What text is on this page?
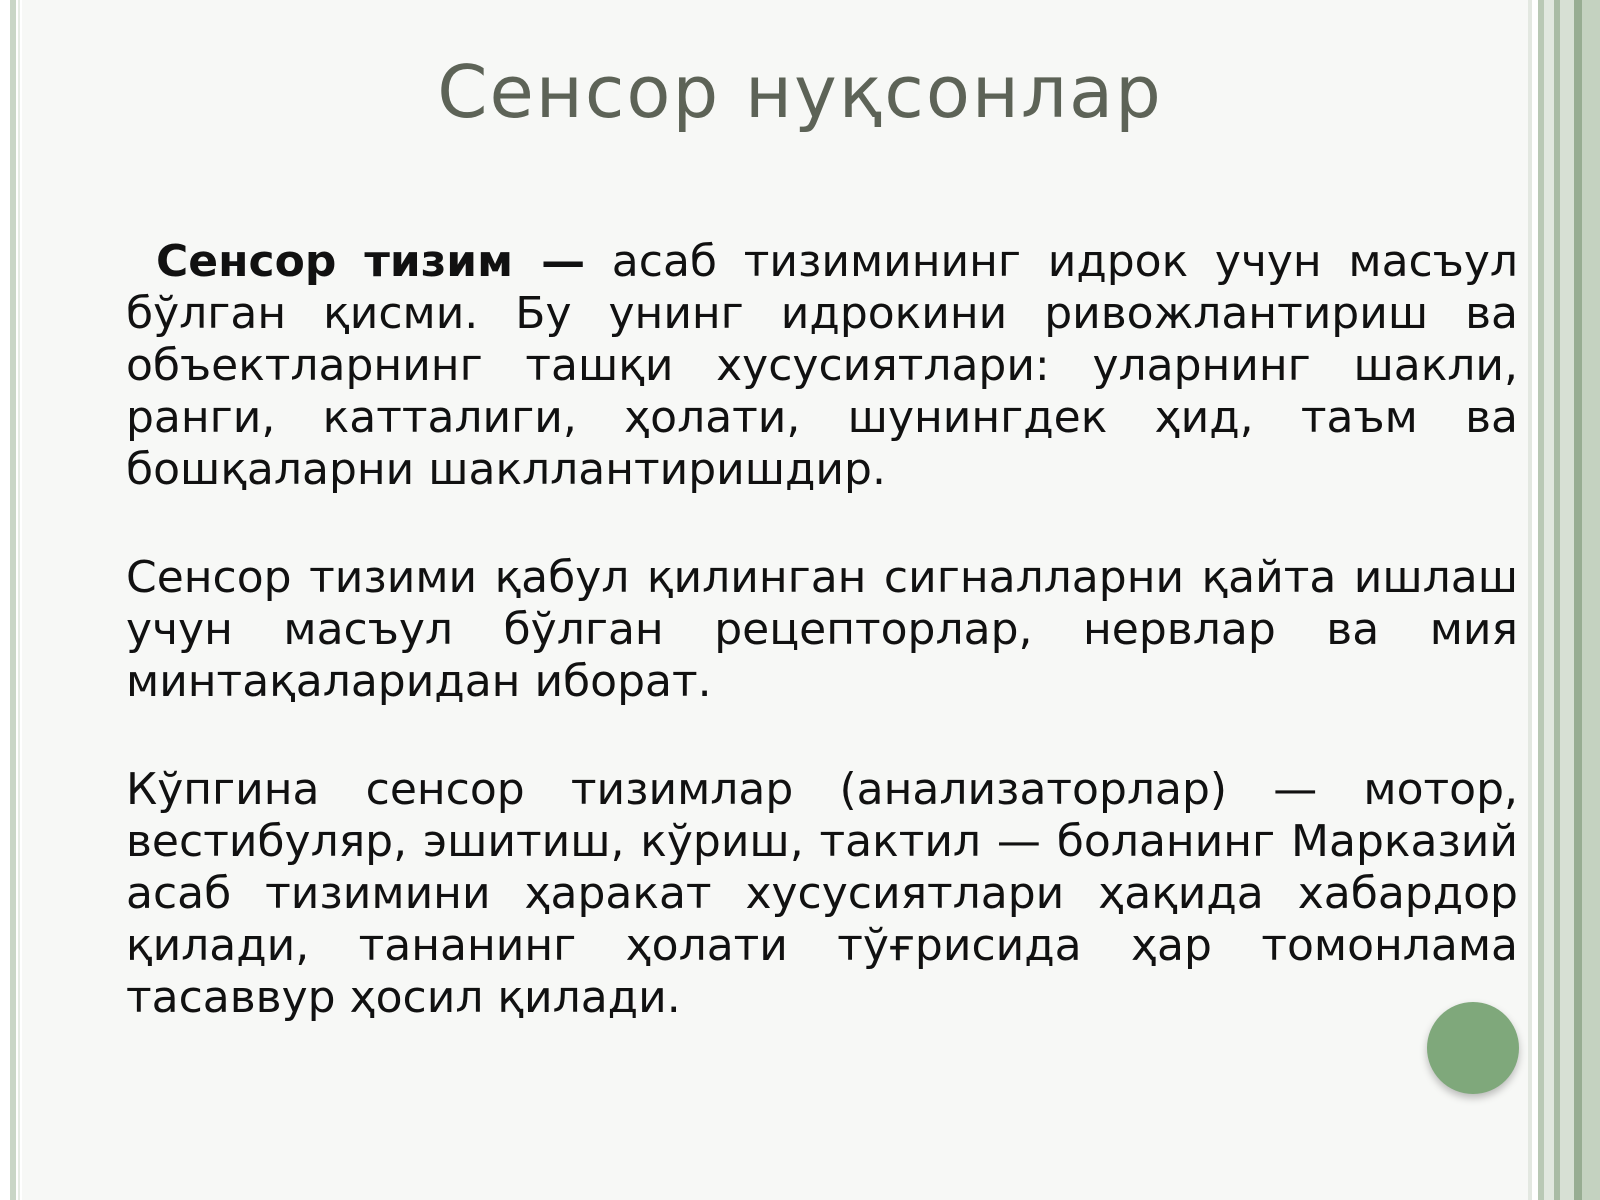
Сенсор нуқсонлар

Сенсор тизим — асаб тизимининг идрок учун масъул бўлган қисми. Бу унинг идрокини ривожлантириш ва объектларнинг ташқи хусусиятлари: уларнинг шакли, ранги, катталиги, ҳолати, шунингдек ҳид, таъм ва бошқаларни шакллантиришдир.

Сенсор тизими қабул қилинган сигналларни қайта ишлаш учун масъул бўлган рецепторлар, нервлар ва мия минтақаларидан иборат.

Кўпгина сенсор тизимлар (анализаторлар) — мотор, вестибуляр, эшитиш, кўриш, тактил — боланинг Марказий асаб тизимини ҳаракат хусусиятлари ҳақида хабардор қилади, тананинг ҳолати тўғрисида ҳар томонлама тасаввур ҳосил қилади.
